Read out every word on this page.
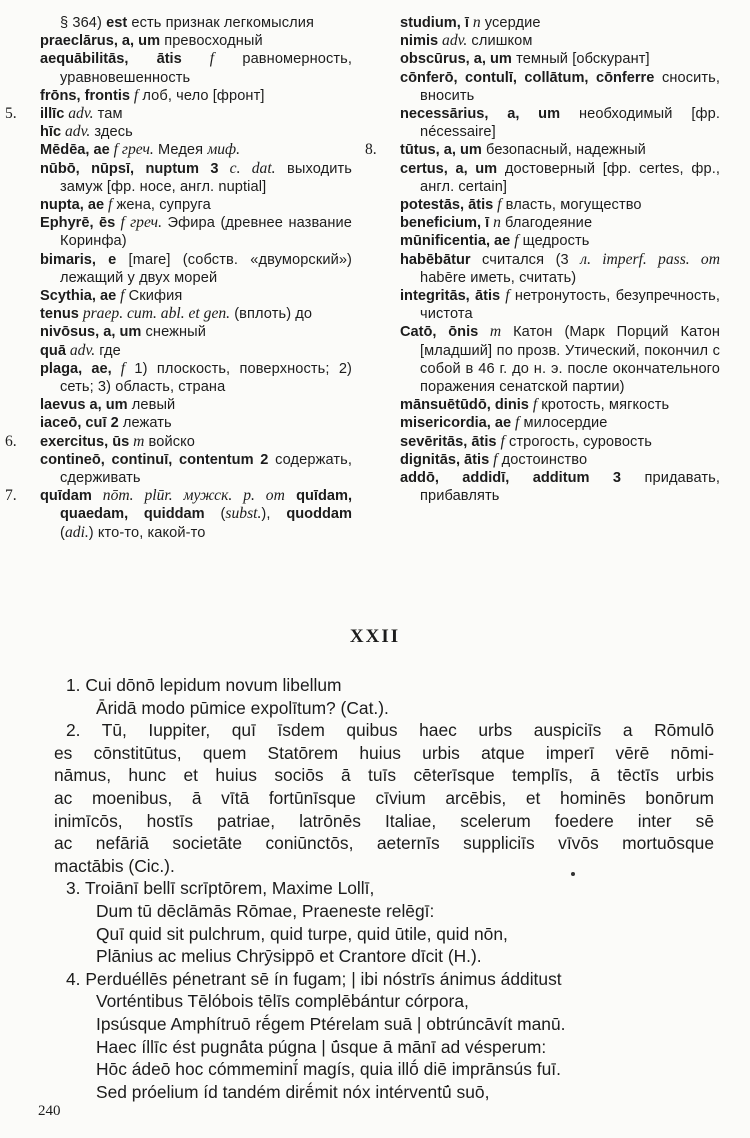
§ 364) est есть признак легкомыслия
praeclārus, a, um превосходный
aequābilitās, ātis f равномерность, уравновешенность
frōns, frontis f лоб, чело [фронт]
5. illīc adv. там
hīc adv. здесь
Mēdēa, ae f греч. Медея миф.
nūbō, nūpsī, nuptum 3 c. dat. выходить замуж [фр. носе, англ. nuptial]
nupta, ae f жена, супруга
Ephyrē, ēs f греч. Эфира (древнее название Коринфа)
bimaris, e [mare] (собств. «двуморский») лежащий у двух морей
Scythia, ae f Скифия
tenus praep. cum. abl. et gen. (вплоть) до
nivōsus, a, um снежный
quā adv. где
plaga, ae, f 1) плоскость, поверхность; 2) сеть; 3) область, страна
laevus a, um левый
iaceō, cuī 2 лежать
6. exercitus, ūs m войско
contineō, continuī, contentum 2 содержать, сдерживать
7. quīdam nōm. plūr. мужск. р. от quīdam, quaedam, quiddam (subst.), quoddam (adi.) кто-то, какой-то
studium, ī n усердие
nimis adv. слишком
obscūrus, a, um темный [обскурант]
cōnferō, contulī, collātum, cōnferre сносить, вносить
necessārius, a, um необходимый [фр. nécessaire]
8. tūtus, a, um безопасный, надежный
certus, a, um достоверный [фр. certes, фр., англ. certain]
potestās, ātis f власть, могущество
beneficium, ī n благодеяние
mūnificentia, ae f щедрость
habēbātur считался (3 л. imperf. pass. от habēre иметь, считать)
integritās, ātis f нетронутость, безупречность, чистота
Catō, ōnis m Катон (Марк Порций Катон [младший] по прозв. Утический, покончил с собой в 46 г. до н. э. после окончательного поражения сенатской партии)
mānsuētūdō, dinis f кротость, мягкость
misericordia, ae f милосердие
sevēritās, ātis f строгость, суровость
dignitās, ātis f достоинство
addō, addidī, additum 3 придавать, прибавлять
XXII
1. Cui dōnō lepidum novum libellum
Āridā modo pūmice expolītum? (Cat.).
2. Tū, Iuppiter, quī īsdem quibus haec urbs auspiciīs a Rōmulō
es cōnstitūtus, quem Statōrem huius urbis atque imperī vērē nōmi-
nāmus, hunc et huius sociōs ā tuīs cēterīsque templīs, ā tēctīs urbis
ac moenibus, ā vītā fortūnīsque cīvium arcēbis, et hominēs bonōrum
inimīcōs, hostīs patriae, latrōnēs Italiae, scelerum foedere inter sē
ac nefāriā societāte coniūnctōs, aeternīs suppliciīs vīvōs mortuōsque
mactābis (Cic.).
3. Troiānī bellī scrīptōrem, Maxime Lollī,
Dum tū dēclāmās Rōmae, Praeneste relēgī:
Quī quid sit pulchrum, quid turpe, quid ūtile, quid nōn,
Plānius ac melius Chrȳsippō et Crantore dīcit (H.).
4. Perduéllēs pénetrant sē ín fugam; | ibi nóstrīs ánimus ádditust
Vorténtibus Tēlóbois tēlīs complēbántur córpora,
Ipsúsque Amphítruō rḗgem Ptérelam suā | obtrúncāvít manū.
Haec íllīc ést pugnā́ta púgna | ū́sque ā mānī ad vésperum:
Hōc ádeō hoc cómmeminī́ magís, quia illṓ diē imprānsús fuī.
Sed próelium íd tandém dirḗmit nóx intérventū́ suō,
240
